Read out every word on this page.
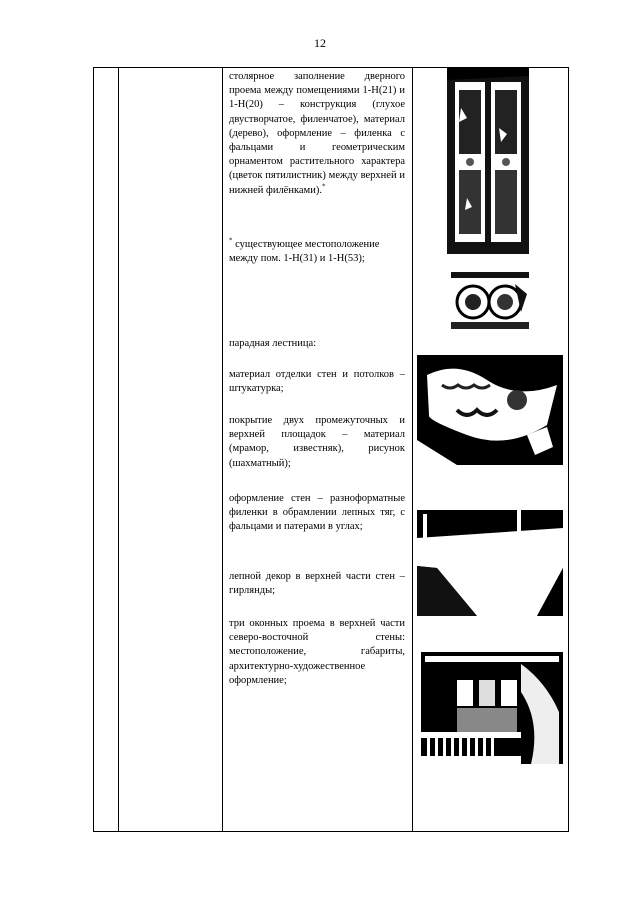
12
столярное заполнение дверного проема между помещениями 1-Н(21) и 1-Н(20) – конструкция (глухое двустворчатое, филенчатое), материал (дерево), оформление – филенка с фальцами и геометрическим орнаментом растительного характера (цветок пятилистник) между верхней и нижней филёнками).*
* существующее местоположение между пом. 1-Н(31) и 1-Н(53);
парадная лестница:
материал отделки стен и потолков – штукатурка;
покрытие двух промежуточных и верхней площадок – материал (мрамор, известняк), рисунок (шахматный);
оформление стен – разноформатные филенки в обрамлении лепных тяг, с фальцами и патерами в углах;
лепной декор в верхней части стен – гирлянды;
три оконных проема в верхней части северо-восточной стены: местоположение, габариты, архитектурно-художественное оформление;
